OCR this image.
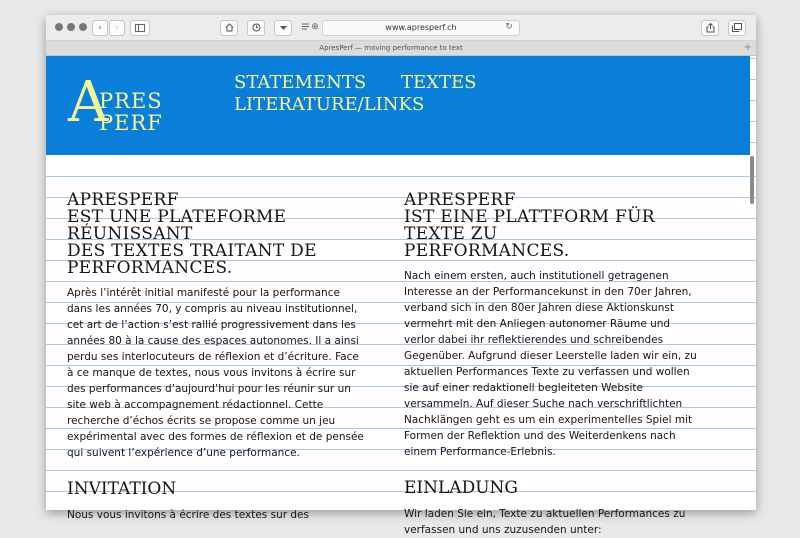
‹	›	⊕	www.apresperf.ch	↻
ApresPerf — moving performance to text	+
A
PRES
PERF
STATEMENTS TEXTES
LITERATURE/LINKS
APRESPERF
EST UNE PLATEFORME RÉUNISSANT
DES TEXTES TRAITANT DE
PERFORMANCES.

Après l’intérêt initial manifesté pour la performance dans les années 70, y compris au niveau institutionnel, cet art de l’action s’est rallié progressivement dans les années 80 à la cause des espaces autonomes. Il a ainsi perdu ses interlocuteurs de réflexion et d’écriture. Face à ce manque de textes, nous vous invitons à écrire sur des performances d’aujourd’hui pour les réunir sur un site web à accompagnement rédactionnel. Cette recherche d’échos écrits se propose comme un jeu expérimental avec des formes de réflexion et de pensée qui suivent l’expérience d’une performance.

INVITATION

Nous vous invitons à écrire des textes sur des

APRESPERF
IST EINE PLATTFORM FÜR TEXTE ZU
PERFORMANCES.

Nach einem ersten, auch institutionell getragenen Interesse an der Performancekunst in den 70er Jahren, verband sich in den 80er Jahren diese Aktionskunst vermehrt mit den Anliegen autonomer Räume und verlor dabei ihr reflektierendes und schreibendes Gegenüber. Aufgrund dieser Leerstelle laden wir ein, zu aktuellen Performances Texte zu verfassen und wollen sie auf einer redaktionell begleiteten Website versammeln. Auf dieser Suche nach verschriftlichten Nachklängen geht es um ein experimentelles Spiel mit Formen der Reflektion und des Weiterdenkens nach einem Performance-Erlebnis.

EINLADUNG

Wir laden Sie ein, Texte zu aktuellen Performances zu verfassen und uns zuzusenden unter:
